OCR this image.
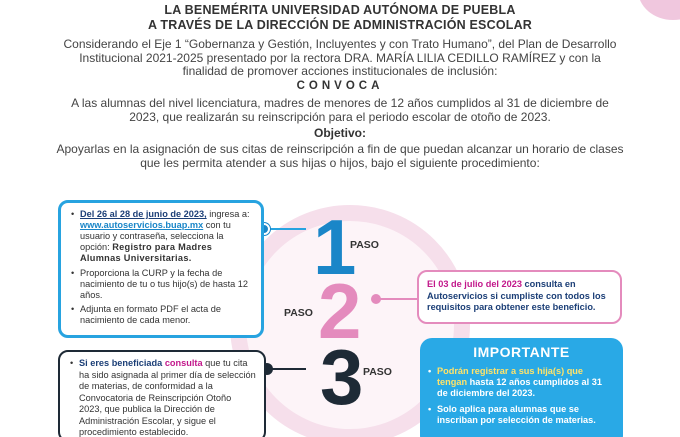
LA BENEMÉRITA UNIVERSIDAD AUTÓNOMA DE PUEBLA
A TRAVÉS DE LA DIRECCIÓN DE ADMINISTRACIÓN ESCOLAR
Considerando el Eje 1 “Gobernanza y Gestión, Incluyentes y con Trato Humano”, del Plan de Desarrollo Institucional 2021-2025 presentado por la rectora DRA. MARÍA LILIA CEDILLO RAMÍREZ y con la finalidad de promover acciones institucionales de inclusión:
CONVOCA
A las alumnas del nivel licenciatura, madres de menores de 12 años cumplidos al 31 de diciembre de 2023, que realizarán su reinscripción para el periodo escolar de otoño de 2023.
Objetivo:
Apoyarlas en la asignación de sus citas de reinscripción a fin de que puedan alcanzar un horario de clases que les permita atender a sus hijas o hijos, bajo el siguiente procedimiento:
1
PASO
2
PASO
3 PASO
• Del 26 al 28 de junio de 2023, ingresa a: www.autoservicios.buap.mx con tu usuario y contraseña, selecciona la opción: Registro para Madres Alumnas Universitarias.
• Proporciona la CURP y la fecha de nacimiento de tu o tus hijo(s) de hasta 12 años.
• Adjunta en formato PDF el acta de nacimiento de cada menor.
El 03 de julio del 2023 consulta en Autoservicios si cumpliste con todos los requisitos para obtener este beneficio.
• Si eres beneficiada consulta que tu cita ha sido asignada al primer día de selección de materias, de conformidad a la Convocatoria de Reinscripción Otoño 2023, que publica la Dirección de Administración Escolar, y sigue el procedimiento establecido.
IMPORTANTE
• Podrán registrar a sus hija(s) que tengan hasta 12 años cumplidos al 31 de diciembre del 2023.
• Solo aplica para alumnas que se inscriban por selección de materias.
